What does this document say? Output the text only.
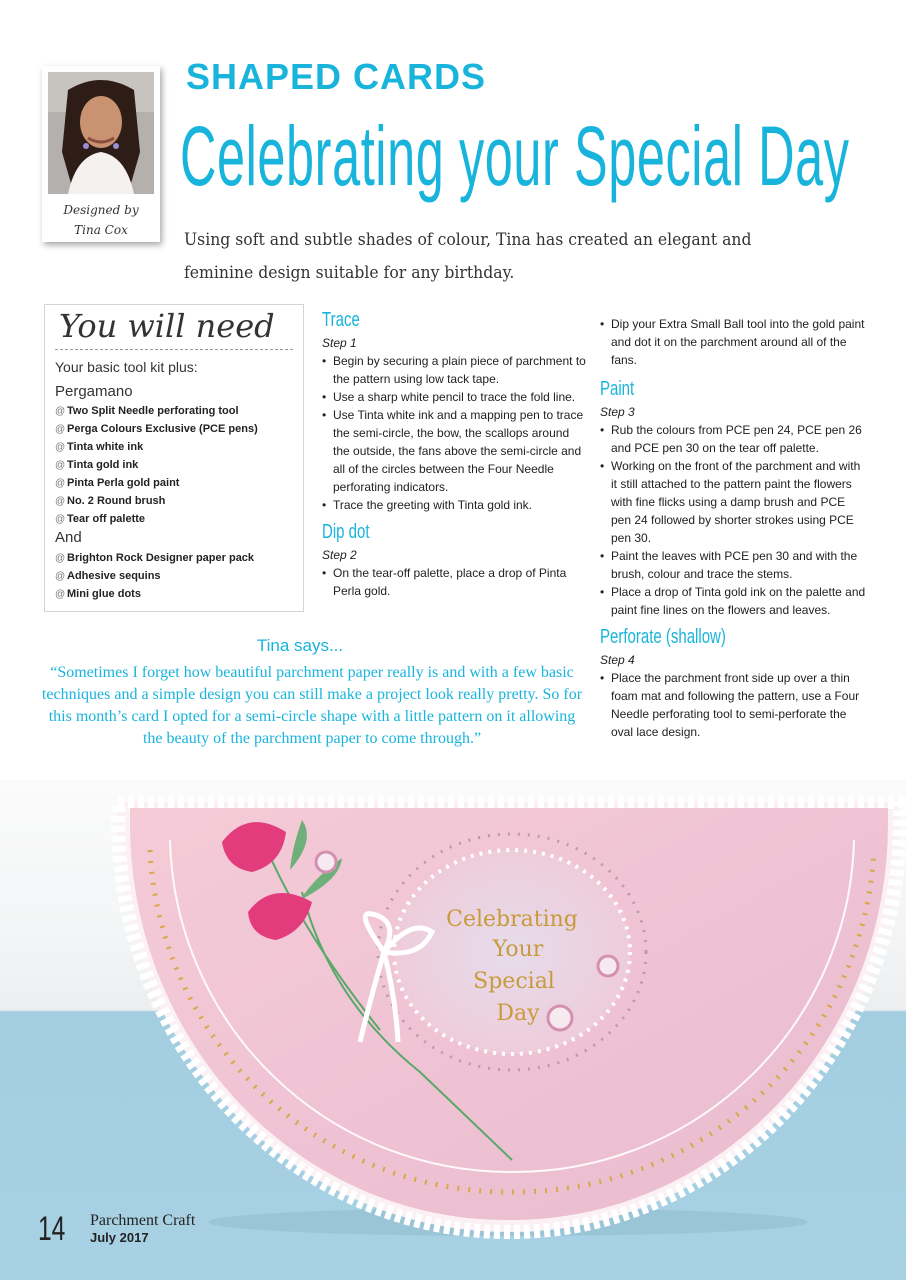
Designed by
Tina Cox
SHAPED CARDS
Celebrating your Special Day
Using soft and subtle shades of colour, Tina has created an elegant and feminine design suitable for any birthday.
You will need
Your basic tool kit plus:
Pergamano
@ Two Split Needle perforating tool
@ Perga Colours Exclusive (PCE pens)
@ Tinta white ink
@ Tinta gold ink
@ Pinta Perla gold paint
@ No. 2 Round brush
@ Tear off palette
And
@ Brighton Rock Designer paper pack
@ Adhesive sequins
@ Mini glue dots
Trace

Step 1

• Begin by securing a plain piece of parchment to the pattern using low tack tape.
• Use a sharp white pencil to trace the fold line.
• Use Tinta white ink and a mapping pen to trace the semi-circle, the bow, the scallops around the outside, the fans above the semi-circle and all of the circles between the Four Needle perforating indicators.
• Trace the greeting with Tinta gold ink.
Dip dot

Step 2

• On the tear-off palette, place a drop of Pinta Perla gold.
• Dip your Extra Small Ball tool into the gold paint and dot it on the parchment around all of the fans.
Paint

Step 3

• Rub the colours from PCE pen 24, PCE pen 26 and PCE pen 30 on the tear off palette.
• Working on the front of the parchment and with it still attached to the pattern paint the flowers with fine flicks using a damp brush and PCE pen 24 followed by shorter strokes using PCE pen 30.
• Paint the leaves with PCE pen 30 and with the brush, colour and trace the stems.
• Place a drop of Tinta gold ink on the palette and paint fine lines on the flowers and leaves.
Perforate (shallow)

Step 4

• Place the parchment front side up over a thin foam mat and following the pattern, use a Four Needle perforating tool to semi-perforate the oval lace design.
Tina says...
“Sometimes I forget how beautiful parchment paper really is and with a few basic techniques and a simple design you can still make a project look really pretty. So for this month’s card I opted for a semi-circle shape with a little pattern on it allowing the beauty of the parchment paper to come through.”
Celebrating
Your
Special
Day
14 Parchment Craft
July 2017
